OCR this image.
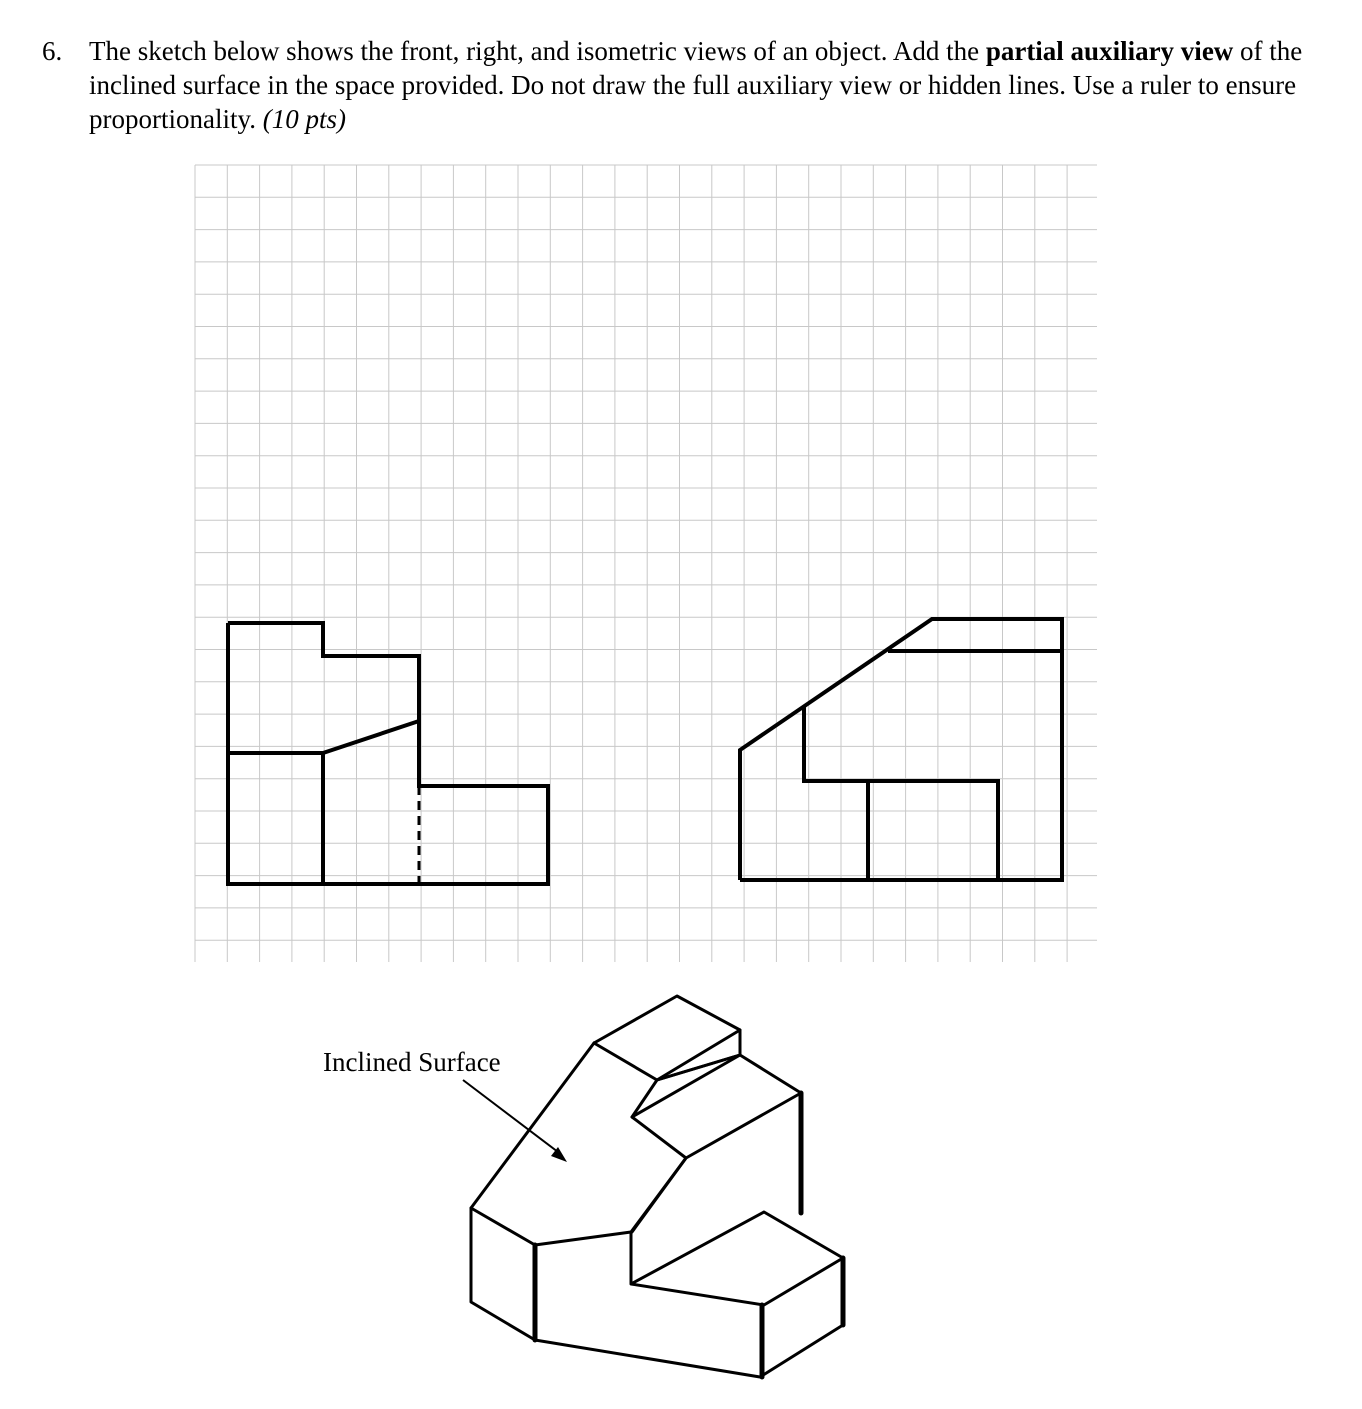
6. The sketch below shows the front, right, and isometric views of an object. Add the partial auxiliary view of the inclined surface in the space provided. Do not draw the full auxiliary view or hidden lines. Use a ruler to ensure proportionality. (10 pts)
Inclined Surface
